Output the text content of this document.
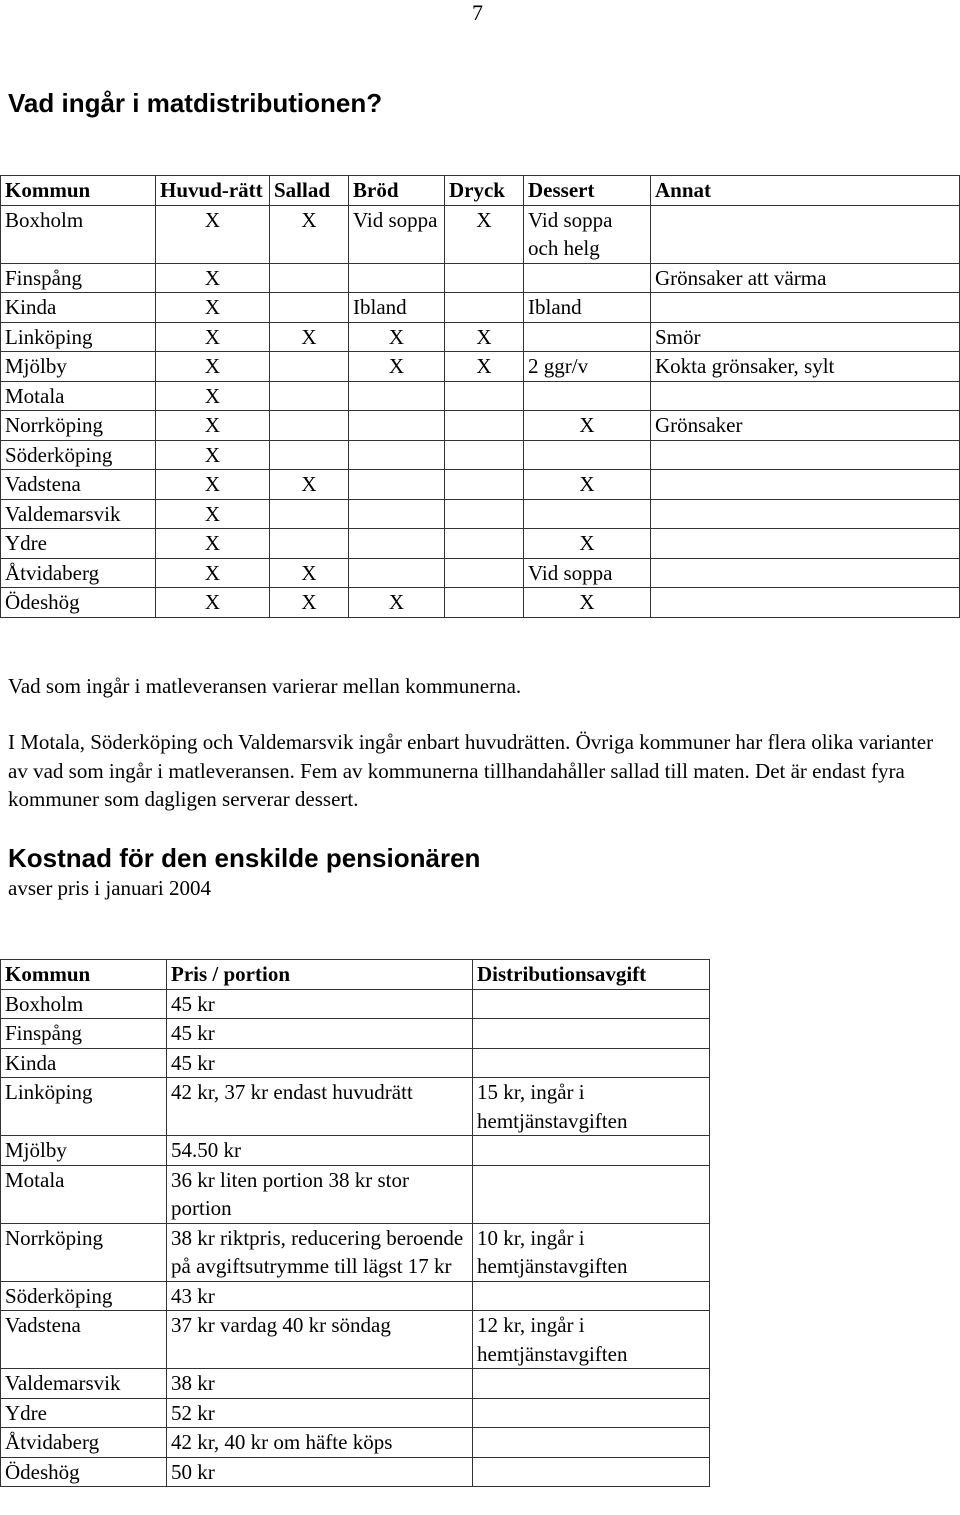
7
Vad ingår i matdistributionen?
Kommun	Huvud-rätt	Sallad	Bröd	Dryck	Dessert	Annat
Boxholm	X	X	Vid soppa	X	Vid soppa och helg	
Finspång	X					Grönsaker att värma
Kinda	X		Ibland		Ibland	
Linköping	X	X	X	X		Smör
Mjölby	X		X	X	2 ggr/v	Kokta grönsaker, sylt
Motala	X					
Norrköping	X				X	Grönsaker
Söderköping	X					
Vadstena	X	X			X	
Valdemarsvik	X					
Ydre	X				X	
Åtvidaberg	X	X			Vid soppa	
Ödeshög	X	X	X		X	
Vad som ingår i matleveransen varierar mellan kommunerna.
I Motala, Söderköping och Valdemarsvik ingår enbart huvudrätten. Övriga kommuner har flera olika varianter av vad som ingår i matleveransen. Fem av kommunerna tillhandahåller sallad till maten. Det är endast fyra kommuner som dagligen serverar dessert.
Kostnad för den enskilde pensionären
avser pris i januari 2004
Kommun	Pris / portion	Distributionsavgift
Boxholm	45 kr	
Finspång	45 kr	
Kinda	45 kr	
Linköping	42 kr, 37 kr endast huvudrätt	15 kr, ingår i hemtjänstavgiften
Mjölby	54.50 kr	
Motala	36 kr liten portion 38 kr stor portion	
Norrköping	38 kr riktpris, reducering beroende på avgiftsutrymme till lägst 17 kr	10 kr, ingår i hemtjänstavgiften
Söderköping	43 kr	
Vadstena	37 kr vardag 40 kr söndag	12 kr, ingår i hemtjänstavgiften
Valdemarsvik	38 kr	
Ydre	52 kr	
Åtvidaberg	42 kr, 40 kr om häfte köps	
Ödeshög	50 kr	
